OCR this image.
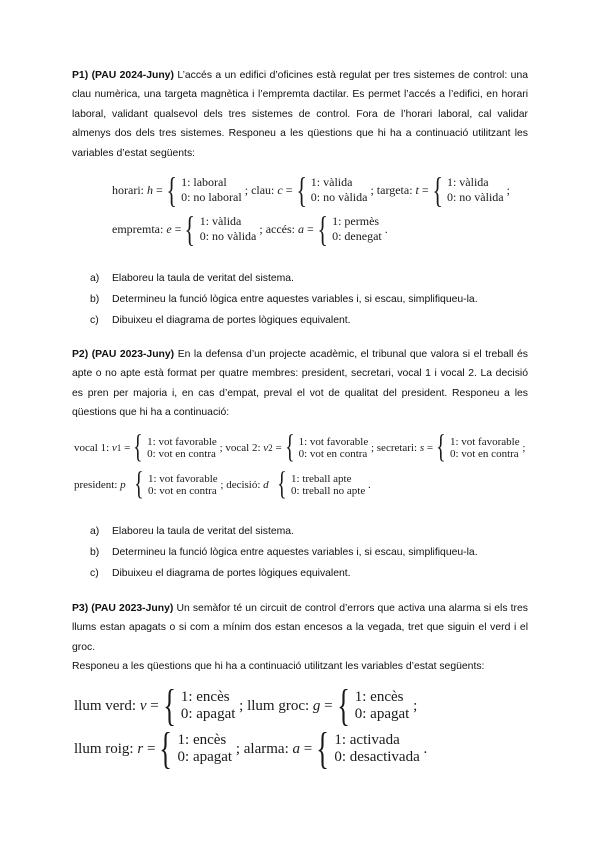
P1) (PAU 2024-Juny) L’accés a un edifici d’oficines està regulat per tres sistemes de control: una clau numèrica, una targeta magnètica i l’empremta dactilar. Es permet l’accés a l’edifici, en horari laboral, validant qualsevol dels tres sistemes de control. Fora de l’horari laboral, cal validar almenys dos dels tres sistemes. Responeu a les qüestions que hi ha a continuació utilitzant les variables d’estat següents:

horari:
h = { 1: laboral
0: no laboral
; clau:
c = { 1: vàlida
0: no vàlida
; targeta:
t = { 1: vàlida
0: no vàlida
;
empremta:
e = { 1: vàlida
0: no vàlida
; accés:
a = { 1: permès
0: denegat
.
a) Elaboreu la taula de veritat del sistema.
b) Determineu la funció lògica entre aquestes variables i, si escau, simplifiqueu-la.
c) Dibuixeu el diagrama de portes lògiques equivalent.

P2) (PAU 2023-Juny) En la defensa d’un projecte acadèmic, el tribunal que valora si el treball és apte o no apte està format per quatre membres: president, secretari, vocal 1 i vocal 2. La decisió es pren per majoria i, en cas d’empat, preval el vot de qualitat del president. Responeu a les qüestions que hi ha a continuació:

vocal 1:
v 1 = { 1: vot favorable
0: vot en contra ; vocal 2:
v 2 = { 1: vot favorable
0: vot en contra ; secretari:
s = { 1: vot favorable
0: vot en contra ;
president:
p
{ 1: vot favorable
0: vot en contra ; decisió:
d
{ 1: treball apte
0: treball no apte .
a) Elaboreu la taula de veritat del sistema.
b) Determineu la funció lògica entre aquestes variables i, si escau, simplifiqueu-la.
c) Dibuixeu el diagrama de portes lògiques equivalent.

P3) (PAU 2023-Juny) Un semàfor té un circuit de control d’errors que activa una alarma si els tres llums estan apagats o si com a mínim dos estan encesos a la vegada, tret que siguin el verd i el groc.

Responeu a les qüestions que hi ha a continuació utilitzant les variables d’estat següents:

llum verd:
v = { 1: encès
0: apagat
; llum groc:
g = { 1: encès
0: apagat
;
llum roig:
r = { 1: encès
0: apagat
; alarma:
a = { 1: activada
0: desactivada
.
